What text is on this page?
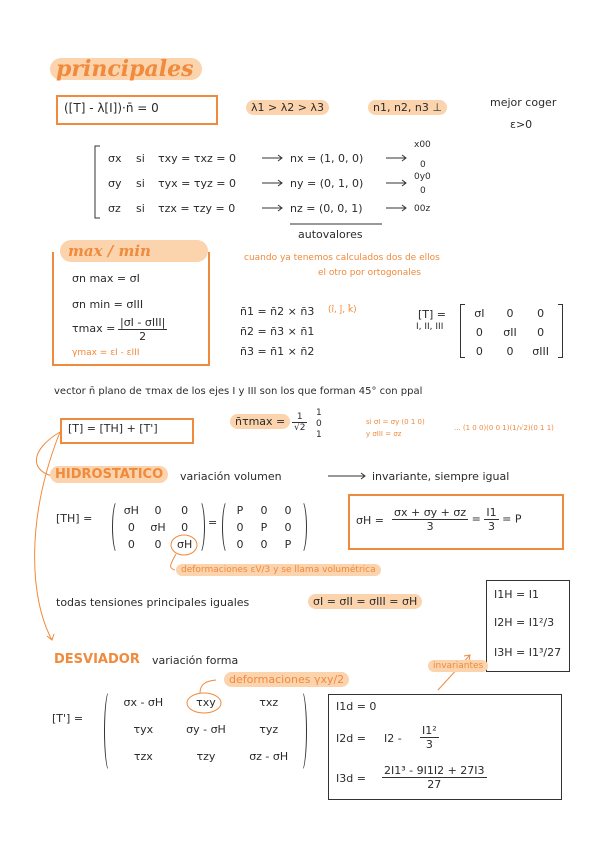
principales
([T] - λ[I])·n̄ = 0	λ1 > λ2 > λ3	n1, n2, n3 ⊥	mejor coger
ε>0
σx si τxy = τxz = 0	nx = (1, 0, 0)
σy si τyx = τyz = 0	ny = (0, 1, 0)
σz si τzx = τzy = 0	nz = (0, 0, 1)
x00
0
0y0
0
00z
autovalores
max / min
σn max = σI
σn min = σIII
$\tau\max = \frac{\text{|σI - σIII|}}{2}$
γmax = εI - εIII
cuando ya tenemos calculados dos de ellos
el otro por ortogonales
n̄1 = n̄2 × n̄3
n̄2 = n̄3 × n̄1
n̄3 = n̄1 × n̄2
(î, ĵ, k̂)	[T] =
I, II, III
σI	0	0
0	σII	0
0	0	σIII
vector n̄ plano de τmax de los ejes I y III son los que forman 45° con ppal
[T] = [TH] + [T']
n̄τmax = $\frac{1}{√2} 1$
0
1
si σI = σy (0 1 0)
y σIII = σz
... (1 0 0)(0 0 1)(1/√2)(0 1 1)
HIDROSTATICO	variación volumen	invariante, siempre igual
[TH] =
σH	0	0
0	σH	0
0	0	σH
=
P	0	0
0	P	0
0	0	P
$\sigma H = \frac{\sigma x + \sigma y + \sigma z}{3} = \frac{I1}{3} = P$
deformaciones εV/3 y se llama volumétrica
todas tensiones principales iguales	σI = σII = σIII = σH
I1H = I1
I2H = I1²/3
I3H = I1³/27
DESVIADOR variación forma
deformaciones γxy/2
invariantes
[T'] =
σx - σH	τxy	τxz
τyx	σy - σH	τyz
τzx	τzy	σz - σH
I1d = 0
$I2d = I2 - \frac{\text{I1²}}{3}$
$I3d = \frac{\text{2I1³ - 9I1I2 + 27I3}}{27}$
